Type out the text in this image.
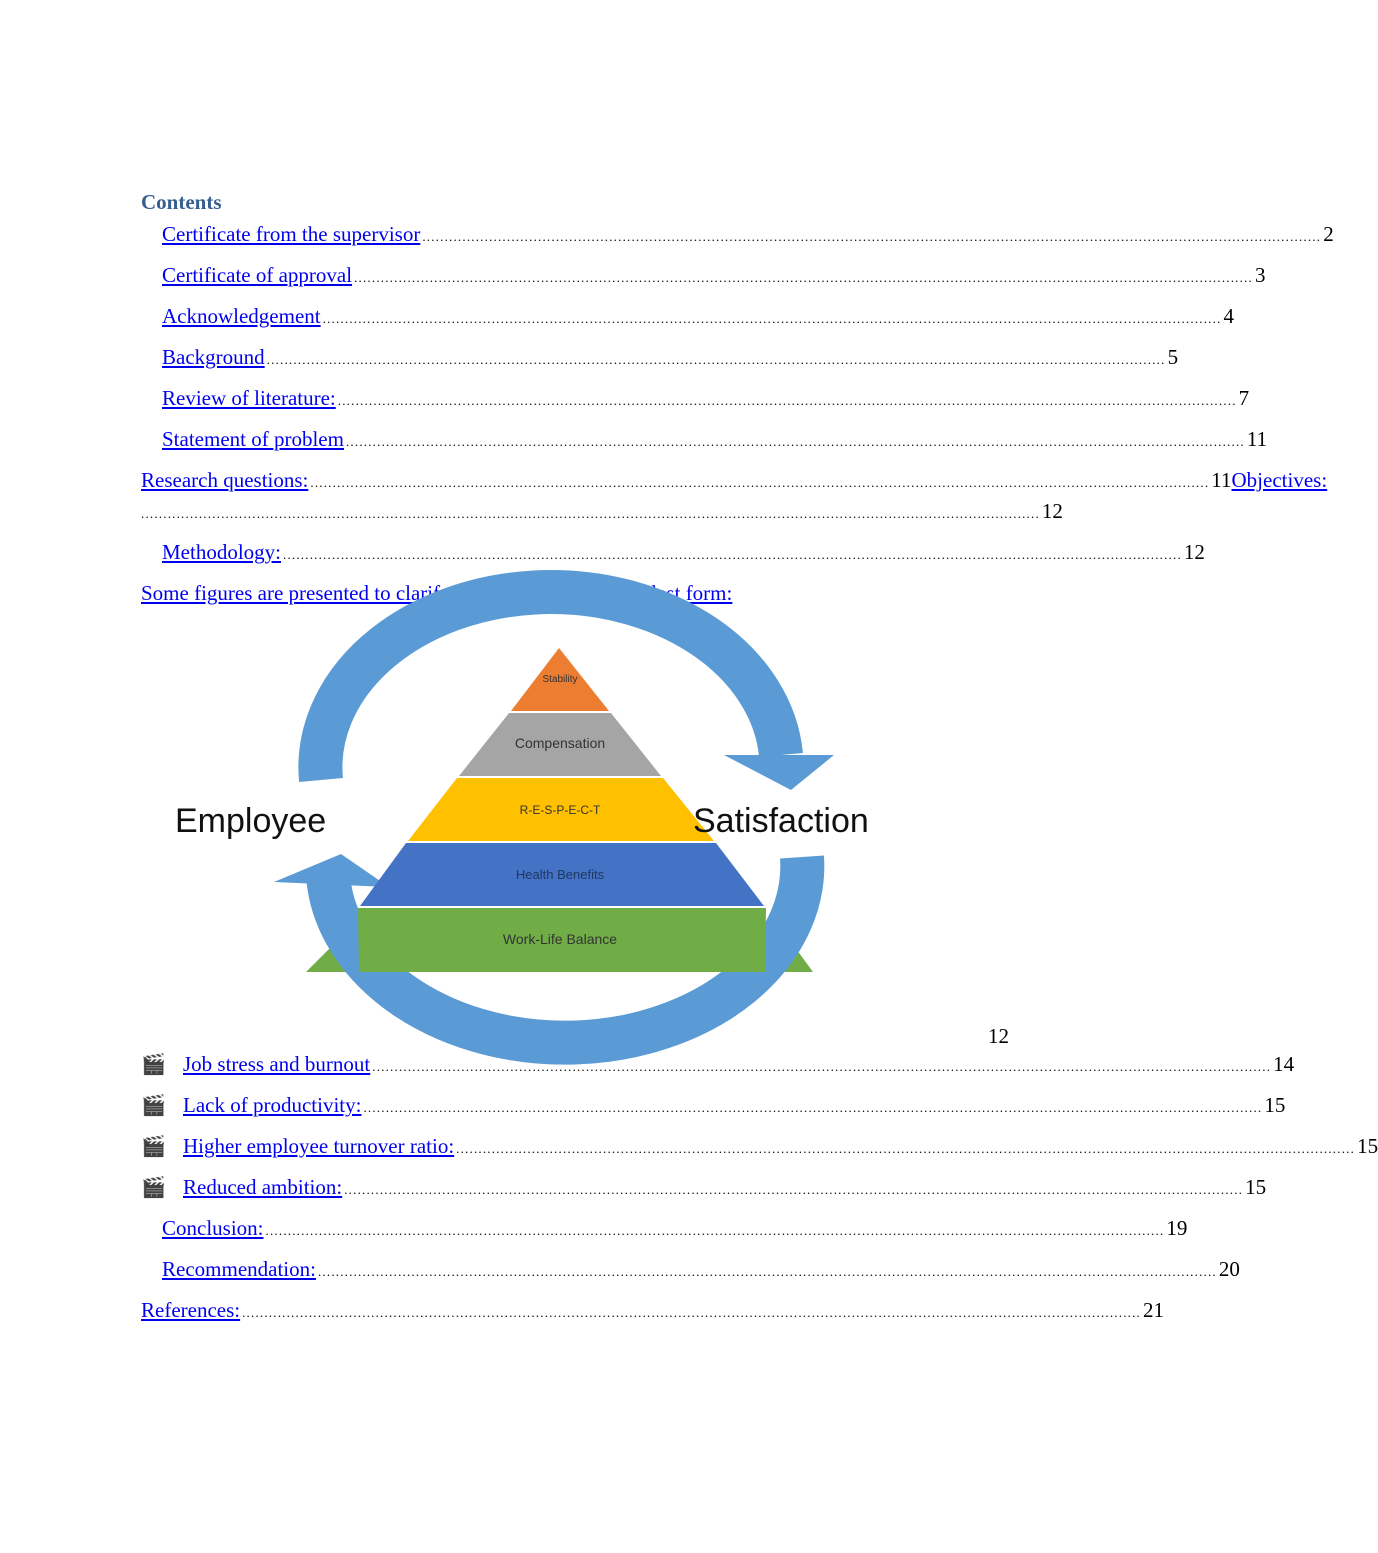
Contents
Certificate from the supervisor .......................................................................................................................................................................................................... 2
Certificate of approval .......................................................................................................................................................................................................... 3
Acknowledgement .......................................................................................................................................................................................................... 4
Background .......................................................................................................................................................................................................... 5
Review of literature: .......................................................................................................................................................................................................... 7
Statement of problem .......................................................................................................................................................................................................... 11
Research questions: .......................................................................................................................................................................................................... 11 Objectives:
.......................................................................................................................................................................................................... 12
Methodology: .......................................................................................................................................................................................................... 12
Some figures are presented to clarify job satisfaction in simplest form:
Stability
Compensation
R-E-S-P-E-C-T
Health Benefits
Work-Life Balance
Employee	Satisfaction
12
🎬 Job stress and burnout .......................................................................................................................................................................................................... 14
🎬 Lack of productivity: .......................................................................................................................................................................................................... 15
🎬 Higher employee turnover ratio: .......................................................................................................................................................................................................... 15
🎬 Reduced ambition: .......................................................................................................................................................................................................... 15
Conclusion: .......................................................................................................................................................................................................... 19
Recommendation: .......................................................................................................................................................................................................... 20
References: .......................................................................................................................................................................................................... 21
